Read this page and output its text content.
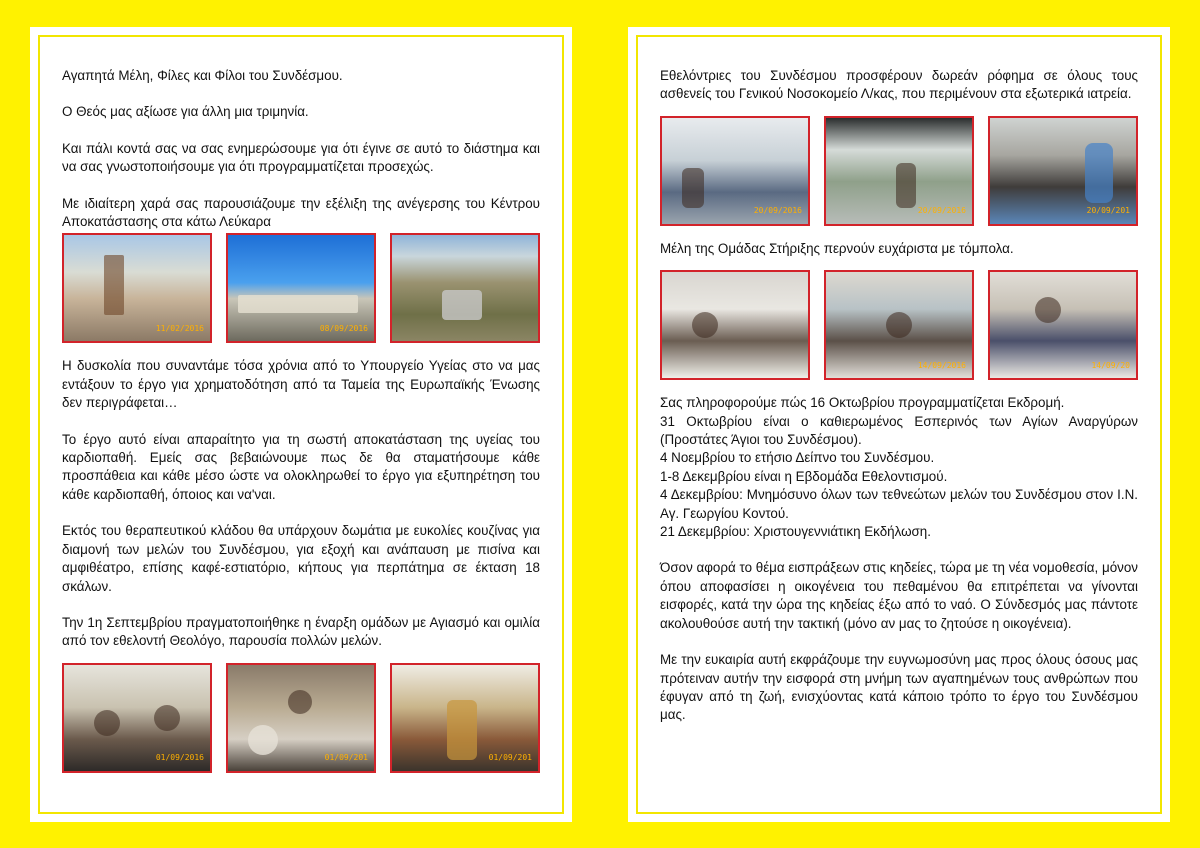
Αγαπητά Μέλη, Φίλες και Φίλοι του Συνδέσμου.

Ο Θεός μας αξίωσε για άλλη μια τριμηνία.

Και πάλι κοντά σας να σας ενημερώσουμε για ότι έγινε σε αυτό το διάστημα και να σας γνωστοποιήσουμε για ότι προγραμματίζεται προσεχώς.

Με ιδιαίτερη χαρά σας παρουσιάζουμε την εξέλιξη της ανέγερσης του Κέντρου Αποκατάστασης στα κάτω Λεύκαρα

11/02/2016	08/09/2016

Η δυσκολία που συναντάμε τόσα χρόνια από το Υπουργείο Υγείας στο να μας εντάξουν το έργο για χρηματοδότηση από τα Ταμεία της Ευρωπαϊκής Ένωσης δεν περιγράφεται…

Το έργο αυτό είναι απαραίτητο για τη σωστή αποκατάσταση της υγείας του καρδιοπαθή. Εμείς σας βεβαιώνουμε πως δε θα σταματήσουμε κάθε προσπάθεια και κάθε μέσο ώστε να ολοκληρωθεί το έργο για εξυπηρέτηση του κάθε καρδιοπαθή, όποιος και να'ναι.

Εκτός του θεραπευτικού κλάδου θα υπάρχουν δωμάτια με ευκολίες κουζίνας για διαμονή των μελών του Συνδέσμου, για εξοχή και ανάπαυση με πισίνα και αμφιθέατρο, επίσης καφέ-εστιατόριο, κήπους για περπάτημα σε έκταση 18 σκάλων.

Την 1η Σεπτεμβρίου πραγματοποιήθηκε η έναρξη ομάδων με Αγιασμό και ομιλία από τον εθελοντή Θεολόγο, παρουσία πολλών μελών.

01/09/2016	01/09/201	01/09/201

Εθελόντριες του Συνδέσμου προσφέρουν δωρεάν ρόφημα σε όλους τους ασθενείς του Γενικού Νοσοκομείο Λ/κας, που περιμένουν στα εξωτερικά ιατρεία.

20/09/2016	20/09/2016	20/09/201

Μέλη της Ομάδας Στήριξης περνούν ευχάριστα με τόμπολα.

14/09/2016	14/09/20

Σας πληροφορούμε πώς 16 Οκτωβρίου προγραμματίζεται Εκδρομή.

31 Οκτωβρίου είναι ο καθιερωμένος Εσπερινός των Αγίων Αναργύρων (Προστάτες Άγιοι του Συνδέσμου).

4 Νοεμβρίου το ετήσιο Δείπνο του Συνδέσμου.

1-8 Δεκεμβρίου είναι η Εβδομάδα Εθελοντισμού.

4 Δεκεμβρίου: Μνημόσυνο όλων των τεθνεώτων μελών του Συνδέσμου στον Ι.Ν. Αγ. Γεωργίου Κοντού.

21 Δεκεμβρίου: Χριστουγεννιάτικη Εκδήλωση.

Όσον αφορά το θέμα εισπράξεων στις κηδείες, τώρα με τη νέα νομοθεσία, μόνον όπου αποφασίσει η οικογένεια του πεθαμένου θα επιτρέπεται να γίνονται εισφορές, κατά την ώρα της κηδείας έξω από το ναό. Ο Σύνδεσμός μας πάντοτε ακολουθούσε αυτή την τακτική (μόνο αν μας το ζητούσε η οικογένεια).

Με την ευκαιρία αυτή εκφράζουμε την ευγνωμοσύνη μας προς όλους όσους μας πρότειναν αυτήν την εισφορά στη μνήμη των αγαπημένων τους ανθρώπων που έφυγαν από τη ζωή, ενισχύοντας κατά κάποιο τρόπο το έργο του Συνδέσμου μας.
